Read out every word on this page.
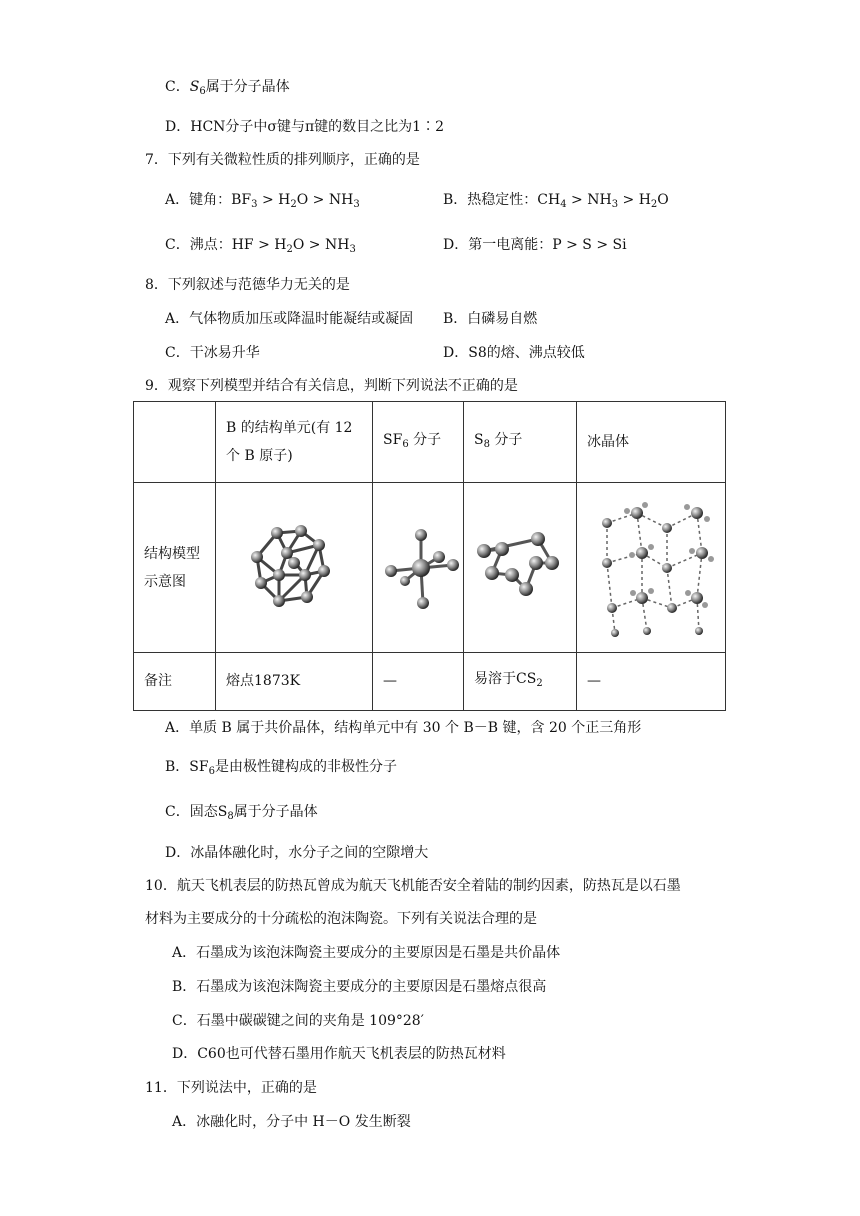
C．$S_6$属于分子晶体
D．HCN分子中σ键与π键的数目之比为1∶2
7．下列有关微粒性质的排列顺序，正确的是
A．键角：$BF_3 > H_2O > NH_3$	B．热稳定性：$CH_4 > NH_3 > H_2O$
C．沸点：HF > $H_2O > NH_3$	D．第一电离能：P > S > Si
8．下列叙述与范德华力无关的是
A．气体物质加压或降温时能凝结或凝固 B．白磷易自燃
C．干冰易升华	D．S8的熔、沸点较低
9．观察下列模型并结合有关信息，判断下列说法不正确的是
	B 的结构单元(有 12 个 B 原子)	$SF_6$ 分子	$S_8$ 分子	冰晶体
结构模型示意图	

备注	熔点1873K	—	易溶于$CS_2$	—
A．单质 B 属于共价晶体，结构单元中有 30 个 B－B 键，含 20 个正三角形
B．$SF_6$是由极性键构成的非极性分子
C．固态$S_8$属于分子晶体
D．冰晶体融化时，水分子之间的空隙增大
10．航天飞机表层的防热瓦曾成为航天飞机能否安全着陆的制约因素，防热瓦是以石墨
材料为主要成分的十分疏松的泡沫陶瓷。下列有关说法合理的是
A．石墨成为该泡沫陶瓷主要成分的主要原因是石墨是共价晶体
B．石墨成为该泡沫陶瓷主要成分的主要原因是石墨熔点很高
C．石墨中碳碳键之间的夹角是 109°28′
D．C60也可代替石墨用作航天飞机表层的防热瓦材料
11．下列说法中，正确的是
A．冰融化时，分子中 H－O 发生断裂
